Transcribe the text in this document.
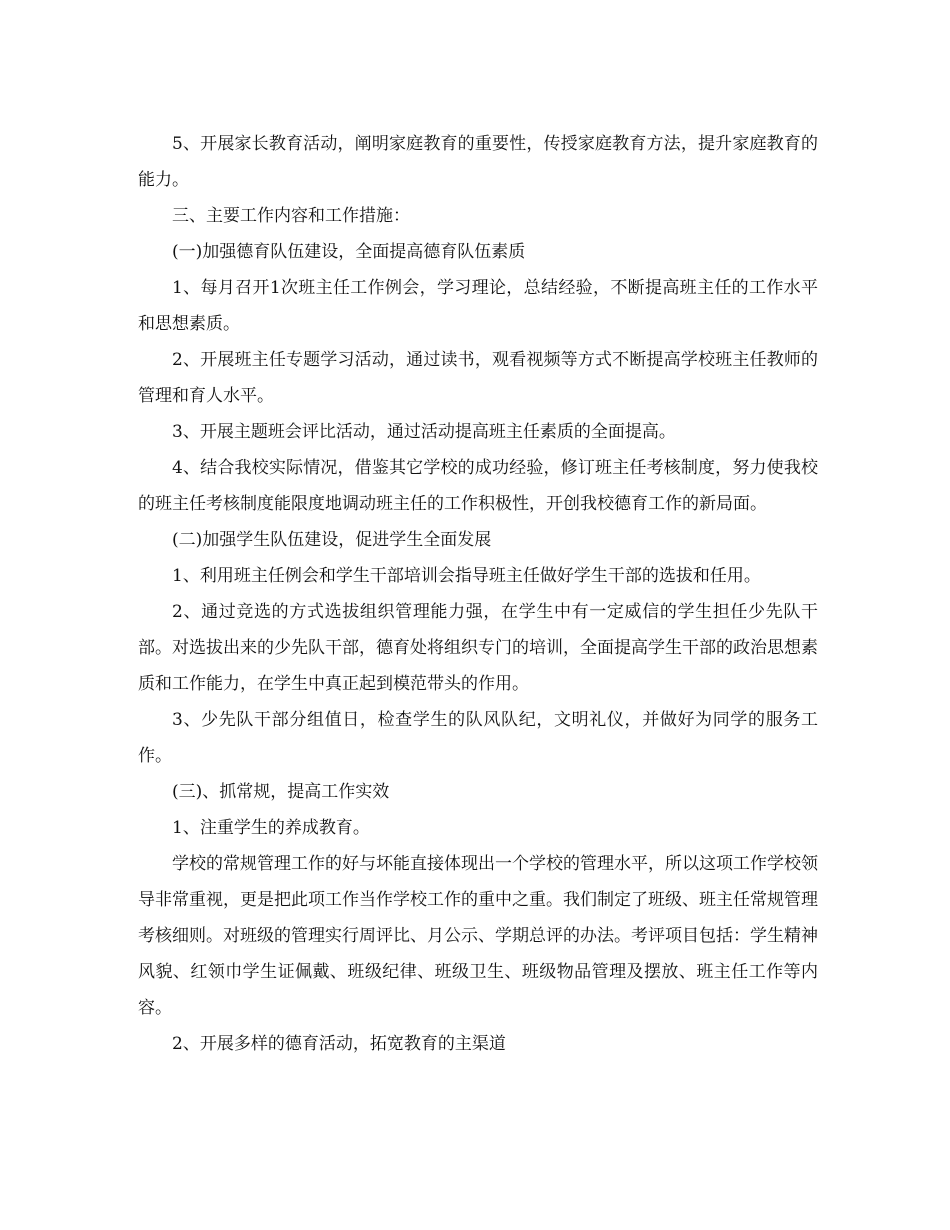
5、开展家长教育活动，阐明家庭教育的重要性，传授家庭教育方法，提升家庭教育的能力。

三、主要工作内容和工作措施：

(一)加强德育队伍建设，全面提高德育队伍素质

1、每月召开1次班主任工作例会，学习理论，总结经验，不断提高班主任的工作水平和思想素质。

2、开展班主任专题学习活动，通过读书，观看视频等方式不断提高学校班主任教师的管理和育人水平。

3、开展主题班会评比活动，通过活动提高班主任素质的全面提高。

4、结合我校实际情况，借鉴其它学校的成功经验，修订班主任考核制度，努力使我校的班主任考核制度能限度地调动班主任的工作积极性，开创我校德育工作的新局面。

(二)加强学生队伍建设，促进学生全面发展

1、利用班主任例会和学生干部培训会指导班主任做好学生干部的选拔和任用。

2、通过竞选的方式选拔组织管理能力强，在学生中有一定威信的学生担任少先队干部。对选拔出来的少先队干部，德育处将组织专门的培训，全面提高学生干部的政治思想素质和工作能力，在学生中真正起到模范带头的作用。

3、少先队干部分组值日，检查学生的队风队纪，文明礼仪，并做好为同学的服务工作。

(三)、抓常规，提高工作实效

1、注重学生的养成教育。

学校的常规管理工作的好与坏能直接体现出一个学校的管理水平，所以这项工作学校领导非常重视，更是把此项工作当作学校工作的重中之重。我们制定了班级、班主任常规管理考核细则。对班级的管理实行周评比、月公示、学期总评的办法。考评项目包括：学生精神风貌、红领巾学生证佩戴、班级纪律、班级卫生、班级物品管理及摆放、班主任工作等内容。

2、开展多样的德育活动，拓宽教育的主渠道
